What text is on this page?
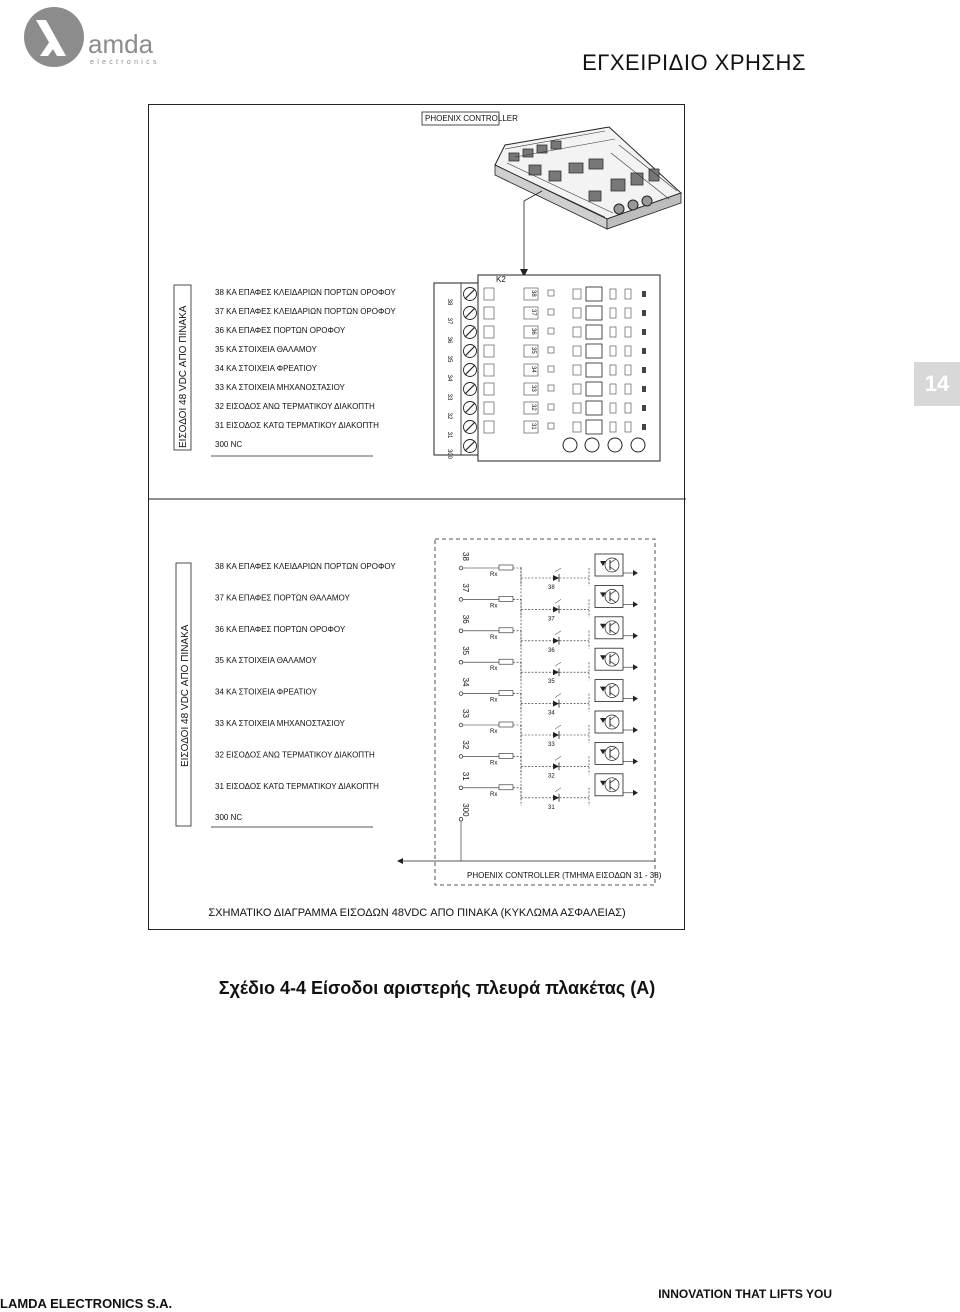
amda
electronics	ΕΓΧΕΙΡΙΔΙΟ ΧΡΗΣΗΣ
14
PHOENIX CONTROLLER
ΕΙΣΟΔΟΙ 48 VDC ΑΠΟ ΠΙΝΑΚΑ
38 ΚΑ ΕΠΑΦΕΣ ΚΛΕΙΔΑΡΙΩΝ ΠΟΡΤΩΝ ΟΡΟΦΟΥ
37 ΚΑ ΕΠΑΦΕΣ ΚΛΕΙΔΑΡΙΩΝ ΠΟΡΤΩΝ ΟΡΟΦΟΥ
36 ΚΑ ΕΠΑΦΕΣ ΠΟΡΤΩΝ ΟΡΟΦΟΥ
35 ΚΑ ΣΤΟΙΧΕΙΑ ΘΑΛΑΜΟΥ
34 ΚΑ ΣΤΟΙΧΕΙΑ ΦΡΕΑΤΙΟΥ
33 ΚΑ ΣΤΟΙΧΕΙΑ ΜΗΧΑΝΟΣΤΑΣΙΟΥ
32 ΕΙΣΟΔΟΣ ΑΝΩ ΤΕΡΜΑΤΙΚΟΥ ΔΙΑΚΟΠΤΗ
31 ΕΙΣΟΔΟΣ ΚΑΤΩ ΤΕΡΜΑΤΙΚΟΥ ΔΙΑΚΟΠΤΗ
300 NC
38
37
36
35
34
33
32
31
300
K2
38
37
36
35
34
33
32
31
ΕΙΣΟΔΟΙ 48 VDC ΑΠΟ ΠΙΝΑΚΑ
38 ΚΑ ΕΠΑΦΕΣ ΚΛΕΙΔΑΡΙΩΝ ΠΟΡΤΩΝ ΟΡΟΦΟΥ
37 ΚΑ ΕΠΑΦΕΣ ΠΟΡΤΩΝ ΘΑΛΑΜΟΥ
36 ΚΑ ΕΠΑΦΕΣ ΠΟΡΤΩΝ ΟΡΟΦΟΥ
35 ΚΑ ΣΤΟΙΧΕΙΑ ΘΑΛΑΜΟΥ
34 ΚΑ ΣΤΟΙΧΕΙΑ ΦΡΕΑΤΙΟΥ
33 ΚΑ ΣΤΟΙΧΕΙΑ ΜΗΧΑΝΟΣΤΑΣΙΟΥ
32 ΕΙΣΟΔΟΣ ΑΝΩ ΤΕΡΜΑΤΙΚΟΥ ΔΙΑΚΟΠΤΗ
31 ΕΙΣΟΔΟΣ ΚΑΤΩ ΤΕΡΜΑΤΙΚΟΥ ΔΙΑΚΟΠΤΗ
300 NC
38
Rx
38
37
Rx
37
36
Rx
36
35
Rx
35
34
Rx
34
33
Rx
33
32
Rx
32
31
Rx
31
300
PHOENIX CONTROLLER (ΤΜΗΜΑ ΕΙΣΟΔΩΝ 31 - 38)
ΣΧΗΜΑΤΙΚΟ ΔΙΑΓΡΑΜΜΑ ΕΙΣΟΔΩΝ 48VDC ΑΠΟ ΠΙΝΑΚΑ (ΚΥΚΛΩΜΑ ΑΣΦΑΛΕΙΑΣ)
Σχέδιο 4-4 Είσοδοι αριστερής πλευρά πλακέτας (Α)
LAMDA ELECTRONICS S.A.
INNOVATION THAT LIFTS YOU
